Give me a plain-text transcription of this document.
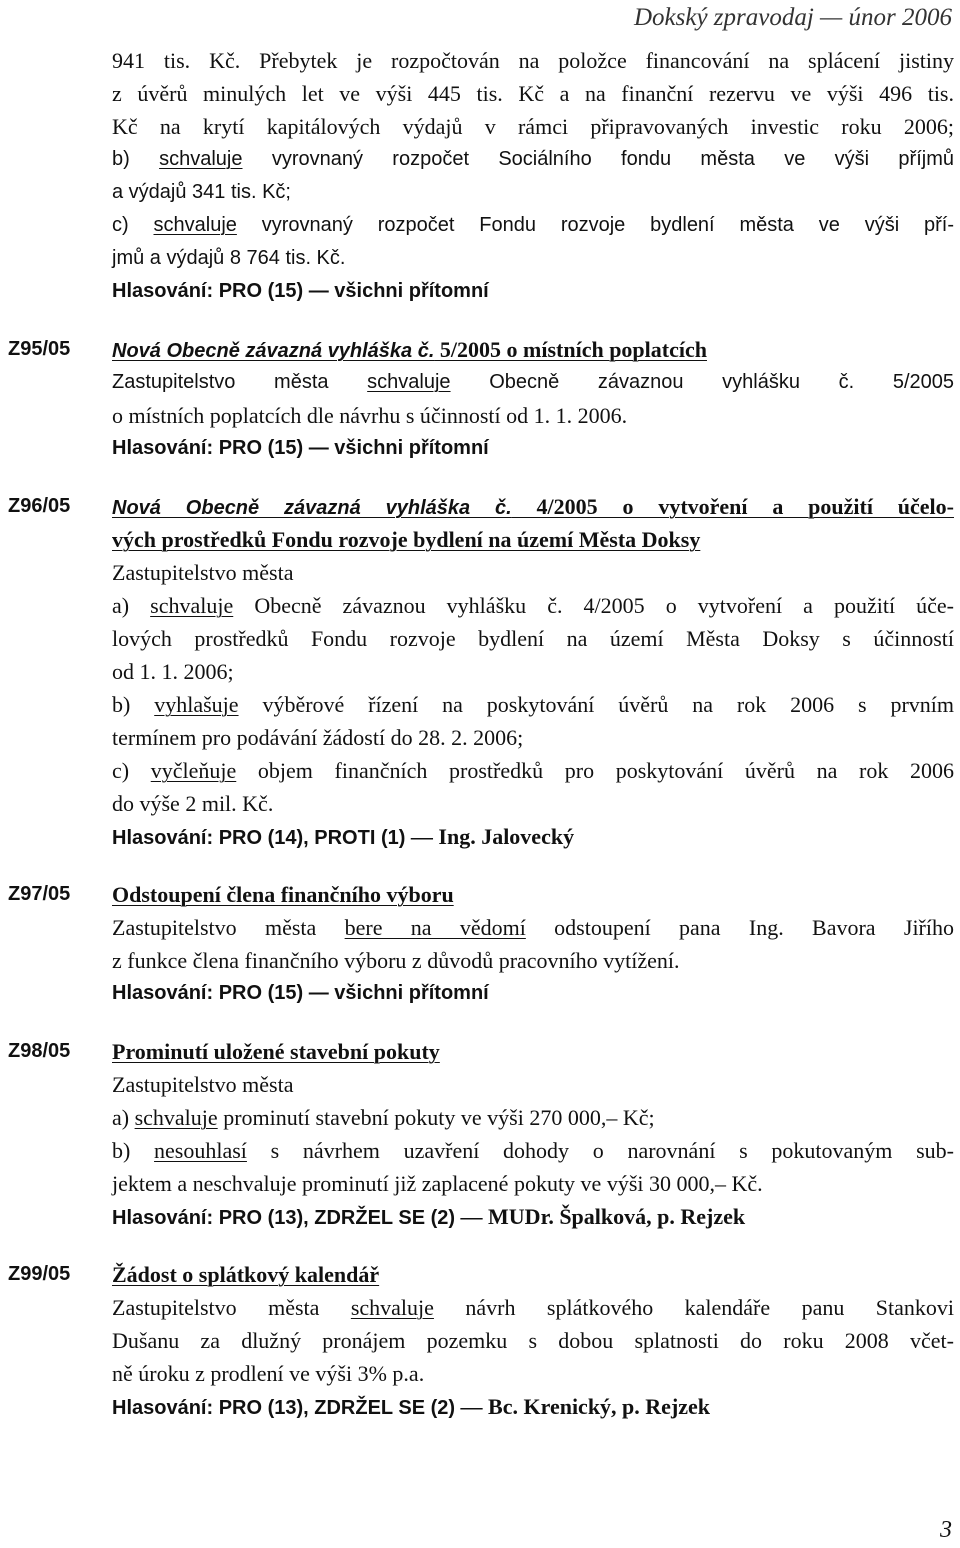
Dokský zpravodaj — únor 2006
941 tis. Kč. Přebytek je rozpočtován na položce financování na splácení jistiny
z úvěrů minulých let ve výši 445 tis. Kč a na finanční rezervu ve výši 496 tis.
Kč na krytí kapitálových výdajů v rámci připravovaných investic roku 2006;
b) schvaluje vyrovnaný rozpočet Sociálního fondu města ve výši příjmů
a výdajů 341 tis. Kč;
c) schvaluje vyrovnaný rozpočet Fondu rozvoje bydlení města ve výši pří-
jmů a výdajů 8 764 tis. Kč.
Hlasování: PRO (15) — všichni přítomní
Z95/05 Nová Obecně závazná vyhláška č. 5/2005 o místních poplatcích
Zastupitelstvo města schvaluje Obecně závaznou vyhlášku č. 5/2005
o místních poplatcích dle návrhu s účinností od 1. 1. 2006.
Hlasování: PRO (15) — všichni přítomní
Z96/05 Nová Obecně závazná vyhláška č. 4/2005 o vytvoření a použití účelo-
vých prostředků Fondu rozvoje bydlení na území Města Doksy
Zastupitelstvo města
a) schvaluje Obecně závaznou vyhlášku č. 4/2005 o vytvoření a použití úče-
lových prostředků Fondu rozvoje bydlení na území Města Doksy s účinností
od 1. 1. 2006;
b) vyhlašuje výběrové řízení na poskytování úvěrů na rok 2006 s prvním
termínem pro podávání žádostí do 28. 2. 2006;
c) vyčleňuje objem finančních prostředků pro poskytování úvěrů na rok 2006
do výše 2 mil. Kč.
Hlasování: PRO (14), PROTI (1) — Ing. Jalovecký
Z97/05 Odstoupení člena finančního výboru
Zastupitelstvo města bere na vědomí odstoupení pana Ing. Bavora Jiřího
z funkce člena finančního výboru z důvodů pracovního vytížení.
Hlasování: PRO (15) — všichni přítomní
Z98/05 Prominutí uložené stavební pokuty
Zastupitelstvo města
a) schvaluje prominutí stavební pokuty ve výši 270 000,– Kč;
b) nesouhlasí s návrhem uzavření dohody o narovnání s pokutovaným sub-
jektem a neschvaluje prominutí již zaplacené pokuty ve výši 30 000,– Kč.
Hlasování: PRO (13), ZDRŽEL SE (2) — MUDr. Špalková, p. Rejzek
Z99/05 Žádost o splátkový kalendář
Zastupitelstvo města schvaluje návrh splátkového kalendáře panu Stankovi
Dušanu za dlužný pronájem pozemku s dobou splatnosti do roku 2008 včet-
ně úroku z prodlení ve výši 3% p.a.
Hlasování: PRO (13), ZDRŽEL SE (2) — Bc. Krenický, p. Rejzek
3
